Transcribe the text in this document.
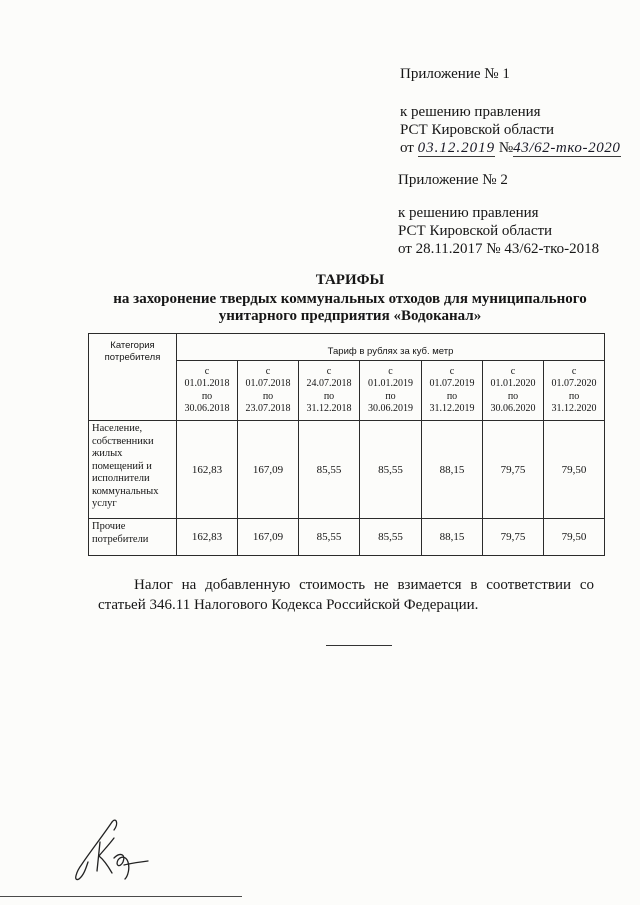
Приложение № 1
к решению правления
РСТ Кировской области
от 03.12.2019 №43/62-тко-2020
Приложение № 2
к решению правления
РСТ Кировской области
от 28.11.2017 № 43/62-тко-2018
ТАРИФЫ
на захоронение твердых коммунальных отходов для муниципального
унитарного предприятия «Водоканал»
Категория потребителя	Тариф в рублях за куб. метр						

	с
01.01.2018
по
30.06.2018	с
01.07.2018
по
23.07.2018	с
24.07.2018
по
31.12.2018	с
01.01.2019
по
30.06.2019	с
01.07.2019
по
31.12.2019	с
01.01.2020
по
30.06.2020	с
01.07.2020
по
31.12.2020

Население, собственники жилых помещений и исполнители коммунальных услуг	162,83	167,09	85,55	85,55	88,15	79,75	79,50
Прочие потребители	162,83	167,09	85,55	85,55	88,15	79,75	79,50
Налог на добавленную стоимость не взимается в соответствии со статьей 346.11 Налогового Кодекса Российской Федерации.
